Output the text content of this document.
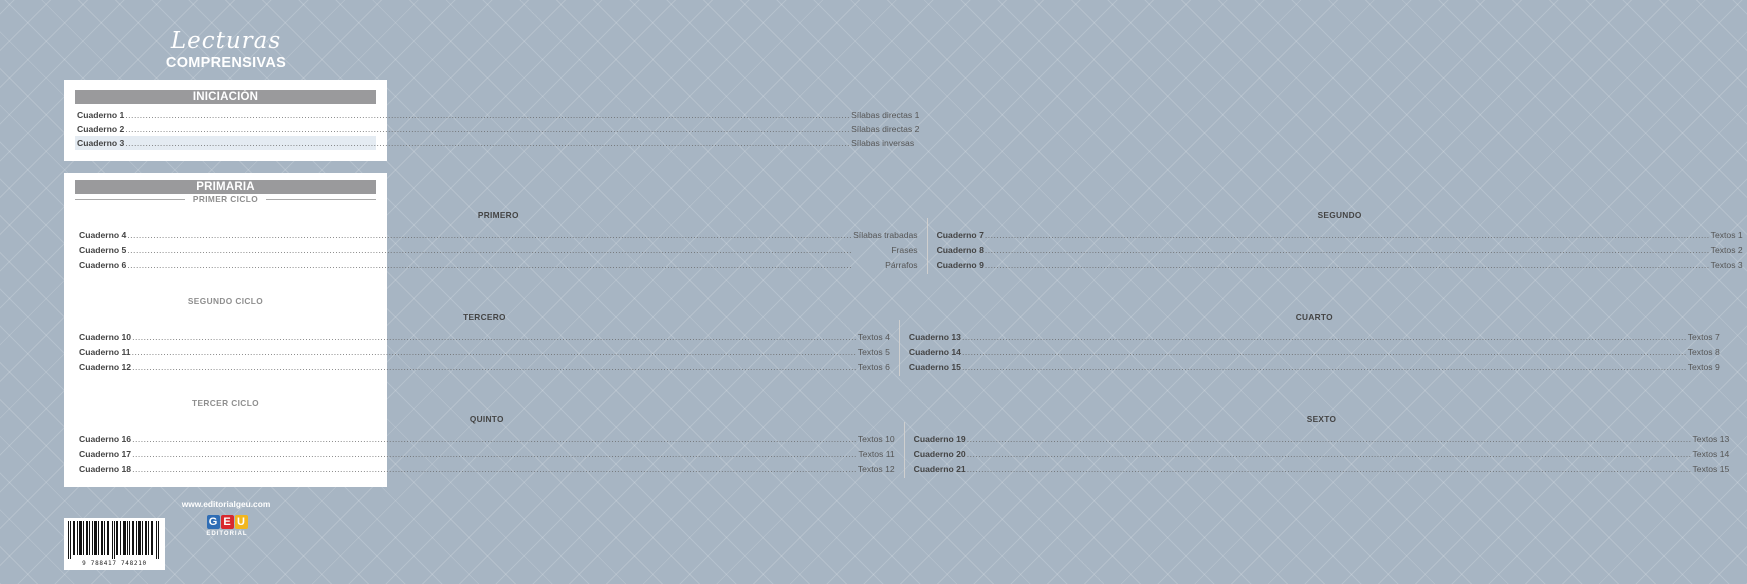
Lecturas
COMPRENSIVAS
INICIACIÓN
Cuaderno 1 .....	Sílabas directas 1
Cuaderno 2 .....	Sílabas directas 2
Cuaderno 3 .....	Sílabas inversas
PRIMARIA
PRIMER CICLO
PRIMERO
Cuaderno 4 .....	Sílabas trabadas
Cuaderno 5 .....	Frases
Cuaderno 6 .....	Párrafos
SEGUNDO
Cuaderno 7 .....	Textos 1
Cuaderno 8 .....	Textos 2
Cuaderno 9 .....	Textos 3
SEGUNDO CICLO
TERCERO
Cuaderno 10 .....	Textos 4
Cuaderno 11 .....	Textos 5
Cuaderno 12 .....	Textos 6
CUARTO
Cuaderno 13 .....	Textos 7
Cuaderno 14 .....	Textos 8
Cuaderno 15 .....	Textos 9
TERCER CICLO
QUINTO
Cuaderno 16 .....	Textos 10
Cuaderno 17 .....	Textos 11
Cuaderno 18 .....	Textos 12
SEXTO
Cuaderno 19 .....	Textos 13
Cuaderno 20 .....	Textos 14
Cuaderno 21 .....	Textos 15
www.editorialgeu.com
9 788417 748210
G E U
EDITORIAL
